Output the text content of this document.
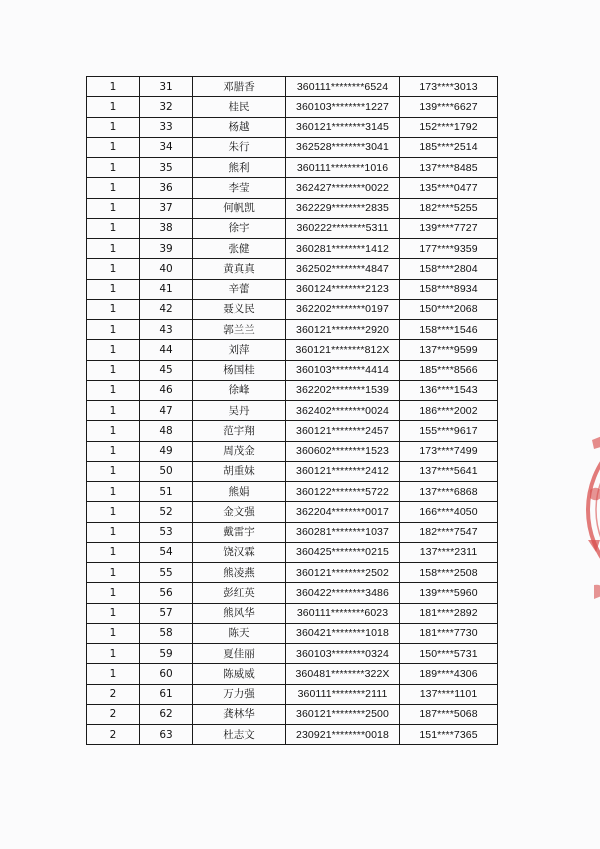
1	31	邓腊香	360111********6524	173****3013
1	32	桂民	360103********1227	139****6627
1	33	杨越	360121********3145	152****1792
1	34	朱行	362528********3041	185****2514
1	35	熊利	360111********1016	137****8485
1	36	李莹	362427********0022	135****0477
1	37	何帆凯	362229********2835	182****5255
1	38	徐宇	360222********5311	139****7727
1	39	张健	360281********1412	177****9359
1	40	黄真真	362502********4847	158****2804
1	41	辛蕾	360124********2123	158****8934
1	42	聂义民	362202********0197	150****2068
1	43	郭兰兰	360121********2920	158****1546
1	44	刘萍	360121********812X	137****9599
1	45	杨国桂	360103********4414	185****8566
1	46	徐峰	362202********1539	136****1543
1	47	吴丹	362402********0024	186****2002
1	48	范宇翔	360121********2457	155****9617
1	49	周茂金	360602********1523	173****7499
1	50	胡重妹	360121********2412	137****5641
1	51	熊娟	360122********5722	137****6868
1	52	金文强	362204********0017	166****4050
1	53	戴雷宇	360281********1037	182****7547
1	54	饶汉霖	360425********0215	137****2311
1	55	熊凌燕	360121********2502	158****2508
1	56	彭红英	360422********3486	139****5960
1	57	熊风华	360111********6023	181****2892
1	58	陈天	360421********1018	181****7730
1	59	夏佳丽	360103********0324	150****5731
1	60	陈威威	360481********322X	189****4306
2	61	万力强	360111********2111	137****1101
2	62	龚林华	360121********2500	187****5068
2	63	杜志文	230921********0018	151****7365
